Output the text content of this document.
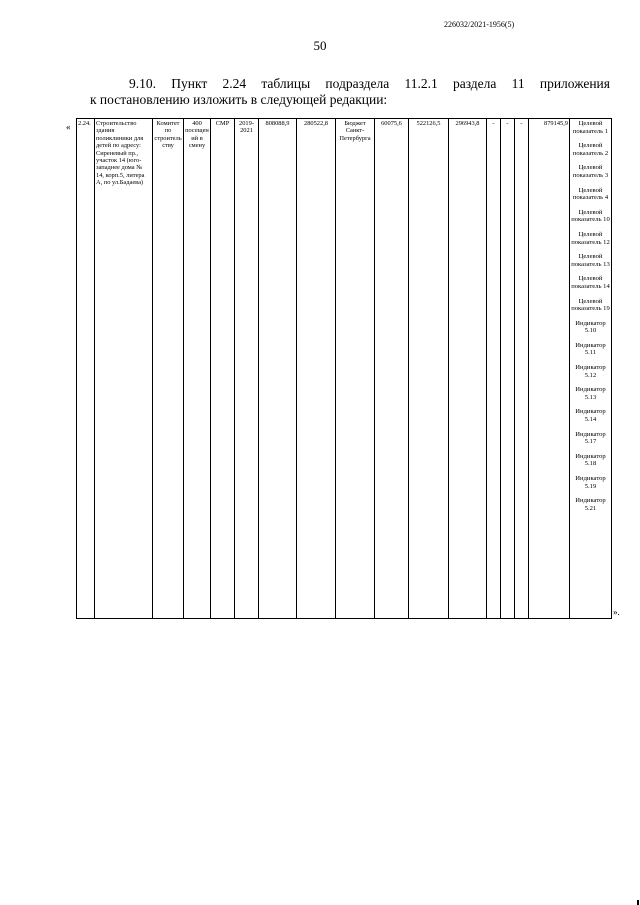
226032/2021-1956(5)
50
9.10. Пункт 2.24 таблицы подраздела 11.2.1 раздела 11 приложения
к постановлению изложить в следующей редакции:
« 2.24.	Строительство здания поликлиники для детей по адресу: Сиреневый пр., участок 14 (юго-западнее дома № 14, корп.5, литера А, по ул.Бадаева)	Комитет по строительству	400 посещений в смену	СМР	2019-2021	808088,9	280522,8	Бюджет Санкт-Петербурга	60075,6	522126,5	296943,8	-	-	-	879145,9	Целевой показатель 1
Целевой показатель 2
Целевой показатель 3
Целевой показатель 4
Целевой показатель 10
Целевой показатель 12
Целевой показатель 13
Целевой показатель 14
Целевой показатель 19
Индикатор 5.10
Индикатор 5.11
Индикатор 5.12
Индикатор 5.13
Индикатор 5.14
Индикатор 5.17
Индикатор 5.18
Индикатор 5.19
Индикатор 5.21
».
